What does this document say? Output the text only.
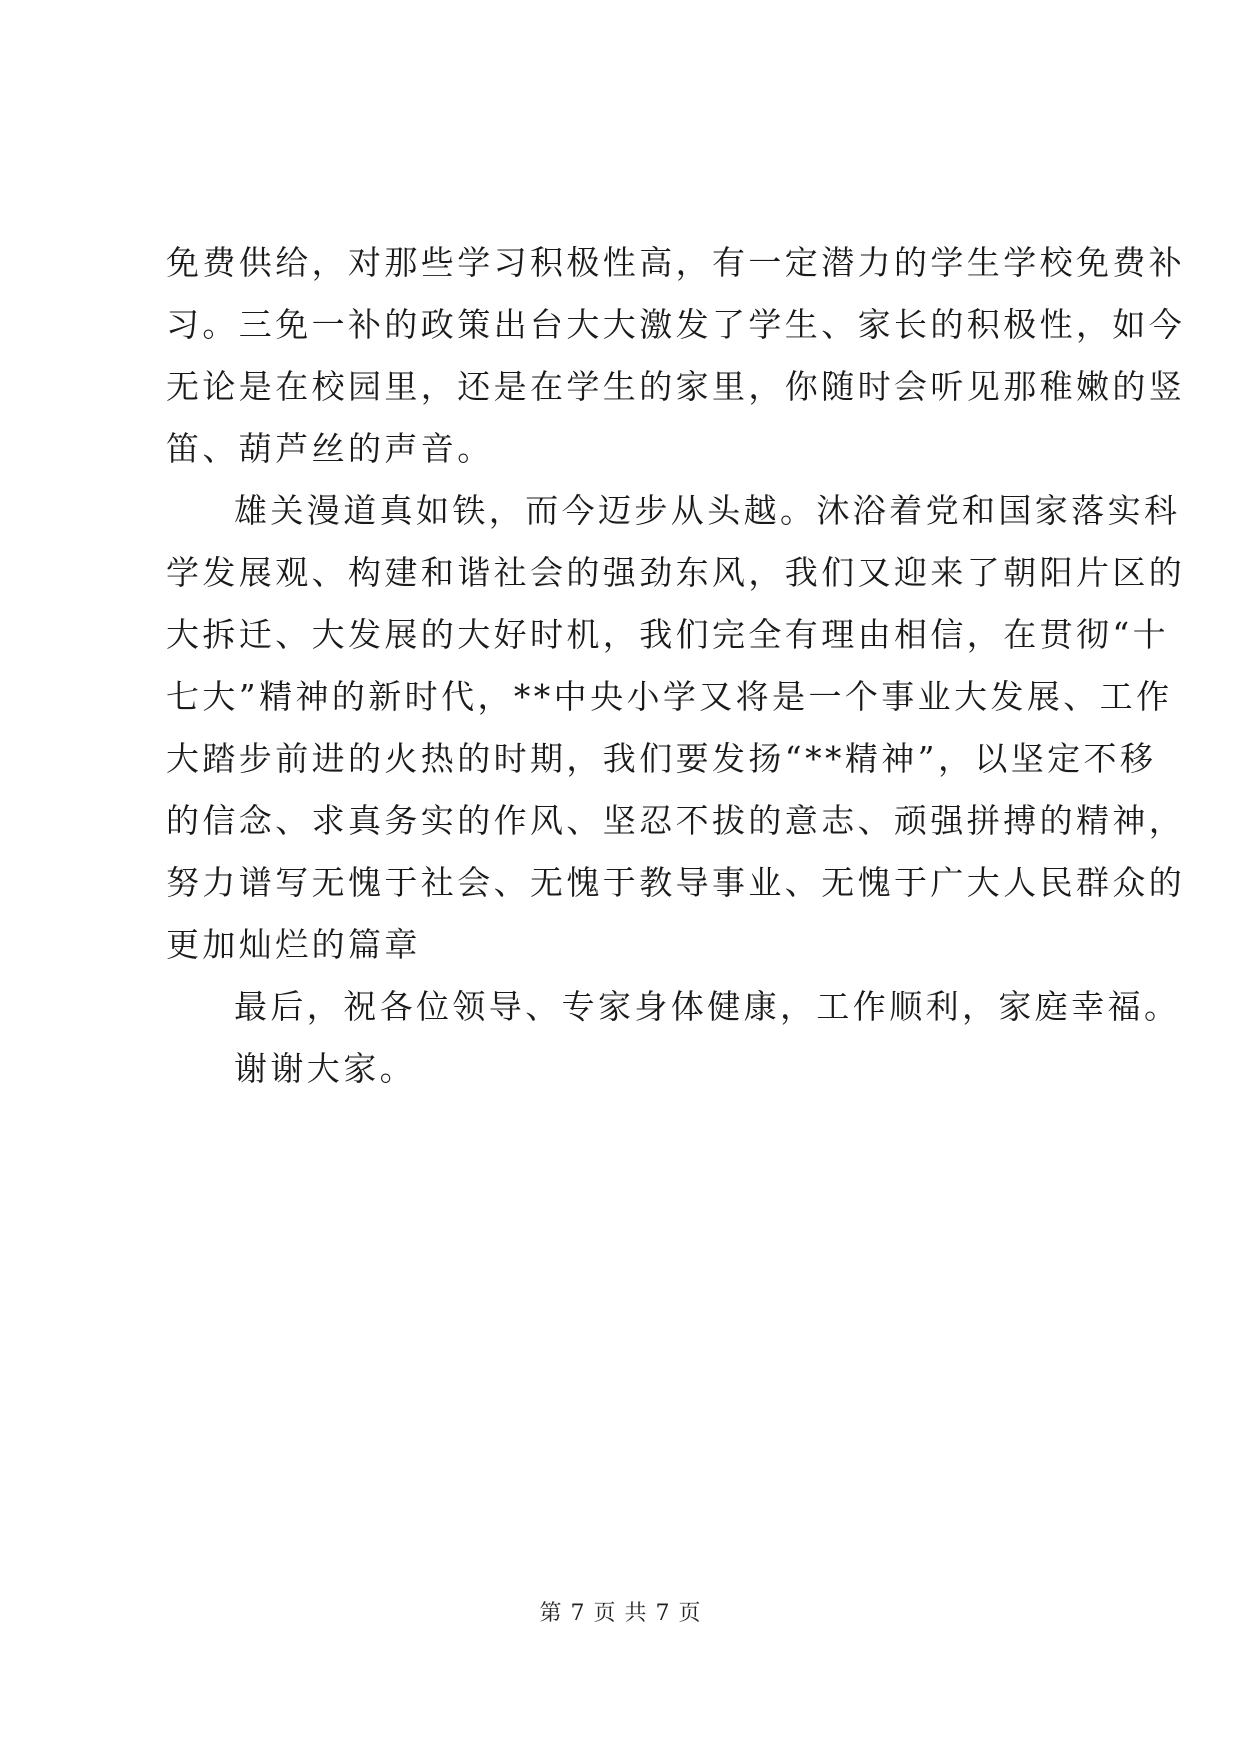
免费供给，对那些学习积极性高，有一定潜力的学生学校免费补
习。三免一补的政策出台大大激发了学生、家长的积极性，如今
无论是在校园里，还是在学生的家里，你随时会听见那稚嫩的竖
笛、葫芦丝的声音。
雄关漫道真如铁，而今迈步从头越。沐浴着党和国家落实科
学发展观、构建和谐社会的强劲东风，我们又迎来了朝阳片区的
大拆迁、大发展的大好时机，我们完全有理由相信，在贯彻“十
七大”精神的新时代，**中央小学又将是一个事业大发展、工作
大踏步前进的火热的时期，我们要发扬“**精神”，以坚定不移
的信念、求真务实的作风、坚忍不拔的意志、顽强拼搏的精神，
努力谱写无愧于社会、无愧于教导事业、无愧于广大人民群众的
更加灿烂的篇章
最后，祝各位领导、专家身体健康，工作顺利，家庭幸福。
谢谢大家。
第 7 页 共 7 页
